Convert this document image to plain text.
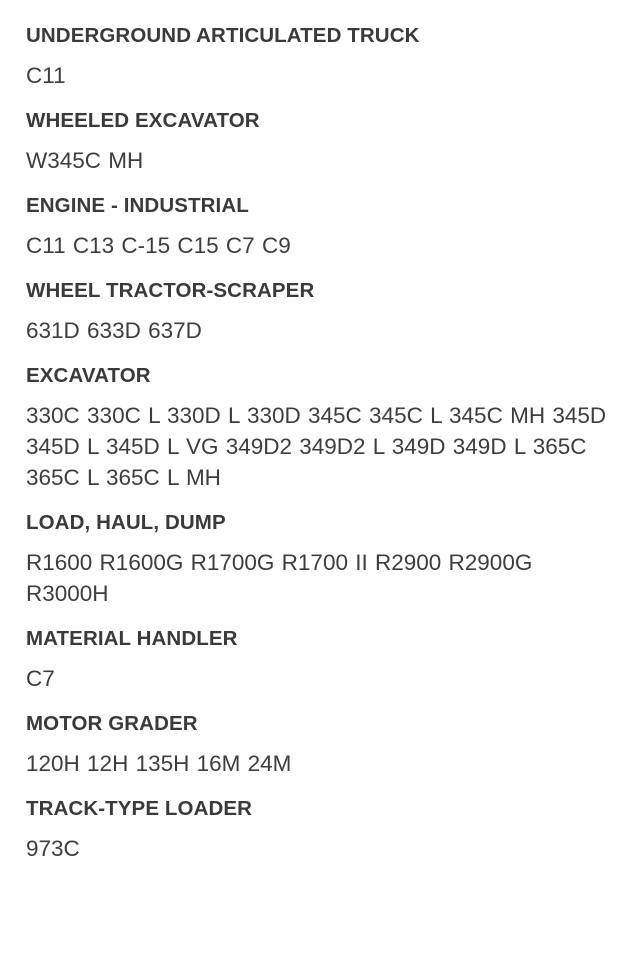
UNDERGROUND ARTICULATED TRUCK
C11
WHEELED EXCAVATOR
W345C MH
ENGINE - INDUSTRIAL
C11 C13 C-15 C15 C7 C9
WHEEL TRACTOR-SCRAPER
631D 633D 637D
EXCAVATOR
330C 330C L 330D L 330D 345C 345C L 345C MH 345D 345D L 345D L VG 349D2 349D2 L 349D 349D L 365C 365C L 365C L MH
LOAD, HAUL, DUMP
R1600 R1600G R1700G R1700 II R2900 R2900G R3000H
MATERIAL HANDLER
C7
MOTOR GRADER
120H 12H 135H 16M 24M
TRACK-TYPE LOADER
973C
